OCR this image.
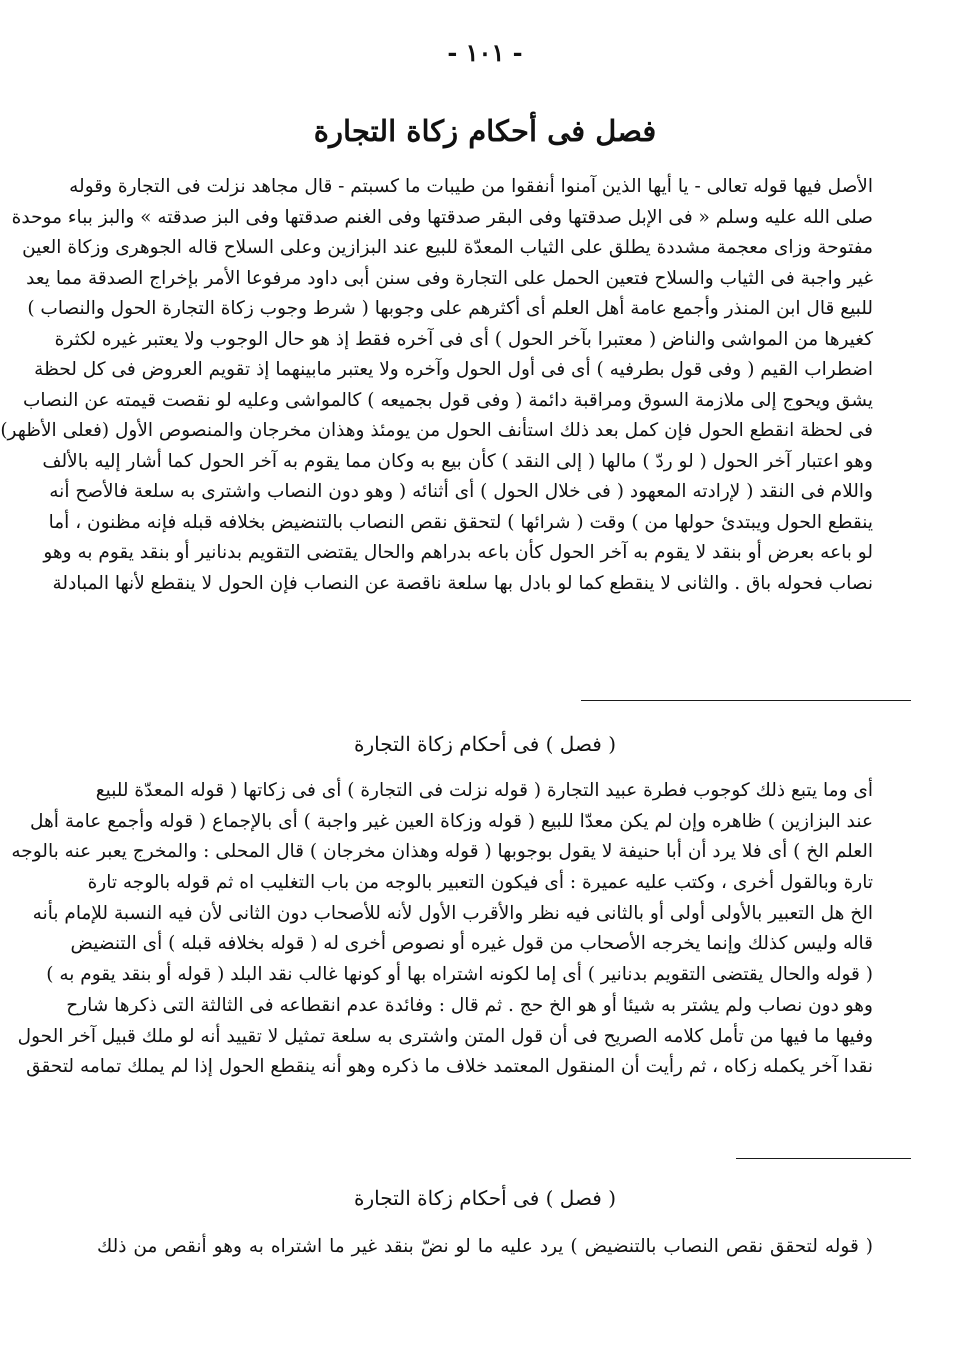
- ١٠١ -
فصل فى أحكام زكاة التجارة
الأصل فيها قوله تعالى - يا أيها الذين آمنوا أنفقوا من طيبات ما كسبتم - قال مجاهد نزلت فى التجارة وقوله
صلى الله عليه وسلم « فى الإبل صدقتها وفى البقر صدقتها وفى الغنم صدقتها وفى البز صدقته » والبز بباء موحدة
مفتوحة وزاى معجمة مشددة يطلق على الثياب المعدّة للبيع عند البزازين وعلى السلاح قاله الجوهرى وزكاة العين
غير واجبة فى الثياب والسلاح فتعين الحمل على التجارة وفى سنن أبى داود مرفوعا الأمر بإخراج الصدقة مما يعد
للبيع قال ابن المنذر وأجمع عامة أهل العلم أى أكثرهم على وجوبها ( شرط وجوب زكاة التجارة الحول والنصاب )
كغيرها من المواشى والناض ( معتبرا بآخر الحول ) أى فى آخره فقط إذ هو حال الوجوب ولا يعتبر غيره لكثرة
اضطراب القيم ( وفى قول بطرفيه ) أى فى أول الحول وآخره ولا يعتبر مابينهما إذ تقويم العروض فى كل لحظة
يشق ويحوج إلى ملازمة السوق ومراقبة دائمة ( وفى قول بجميعه ) كالمواشى وعليه لو نقصت قيمته عن النصاب
فى لحظة انقطع الحول فإن كمل بعد ذلك استأنف الحول من يومئذ وهذان مخرجان والمنصوص الأول (فعلى الأظهر)
وهو اعتبار آخر الحول ( لو ردّ ) مالها ( إلى النقد ) كأن بيع به وكان مما يقوم به آخر الحول كما أشار إليه بالألف
واللام فى النقد ( لإرادته المعهود ( فى خلال الحول ) أى أثنائه ( وهو دون النصاب واشترى به سلعة فالأصح أنه
ينقطع الحول ويبتدئ حولها من ) وقت ( شرائها ) لتحقق نقص النصاب بالتنضيض بخلافه قبله فإنه مظنون ، أما
لو باعه بعرض أو بنقد لا يقوم به آخر الحول كأن باعه بدراهم والحال يقتضى التقويم بدنانير أو بنقد يقوم به وهو
نصاب فحوله باق . والثانى لا ينقطع كما لو بادل بها سلعة ناقصة عن النصاب فإن الحول لا ينقطع لأنها المبادلة
( فصل ) فى أحكام زكاة التجارة
أى وما يتبع ذلك كوجوب فطرة عبيد التجارة ( قوله نزلت فى التجارة ) أى فى زكاتها ( قوله المعدّة للبيع
عند البزازين ) ظاهره وإن لم يكن معدّا للبيع ( قوله وزكاة العين غير واجبة ) أى بالإجماع ( قوله وأجمع عامة أهل
العلم الخ ) أى فلا يرد أن أبا حنيفة لا يقول بوجوبها ( قوله وهذان مخرجان ) قال المحلى : والمخرج يعبر عنه بالوجه
تارة وبالقول أخرى ، وكتب عليه عميرة : أى فيكون التعبير بالوجه من باب التغليب اه ثم قوله بالوجه تارة
الخ هل التعبير بالأولى أولى أو بالثانى فيه نظر والأقرب الأول لأنه للأصحاب دون الثانى لأن فيه النسبة للإمام بأنه
قاله وليس كذلك وإنما يخرجه الأصحاب من قول غيره أو نصوص أخرى له ( قوله بخلافه قبله ) أى التنضيض
( قوله والحال يقتضى التقويم بدنانير ) أى إما لكونه اشتراه بها أو كونها غالب نقد البلد ( قوله أو بنقد يقوم به )
وهو دون نصاب ولم يشتر به شيئا أو هو الخ حج . ثم قال : وفائدة عدم انقطاعه فى الثالثة التى ذكرها شارح
وفيها ما فيها من تأمل كلامه الصريح فى أن قول المتن واشترى به سلعة تمثيل لا تقييد أنه لو ملك قبيل آخر الحول
نقدا آخر يكمله زكاه ، ثم رأيت أن المنقول المعتمد خلاف ما ذكره وهو أنه ينقطع الحول إذا لم يملك تمامه لتحقق
( فصل ) فى أحكام زكاة التجارة
( قوله لتحقق نقص النصاب بالتنضيض ) يرد عليه ما لو نضّ بنقد غير ما اشتراه به وهو أنقص من ذلك
